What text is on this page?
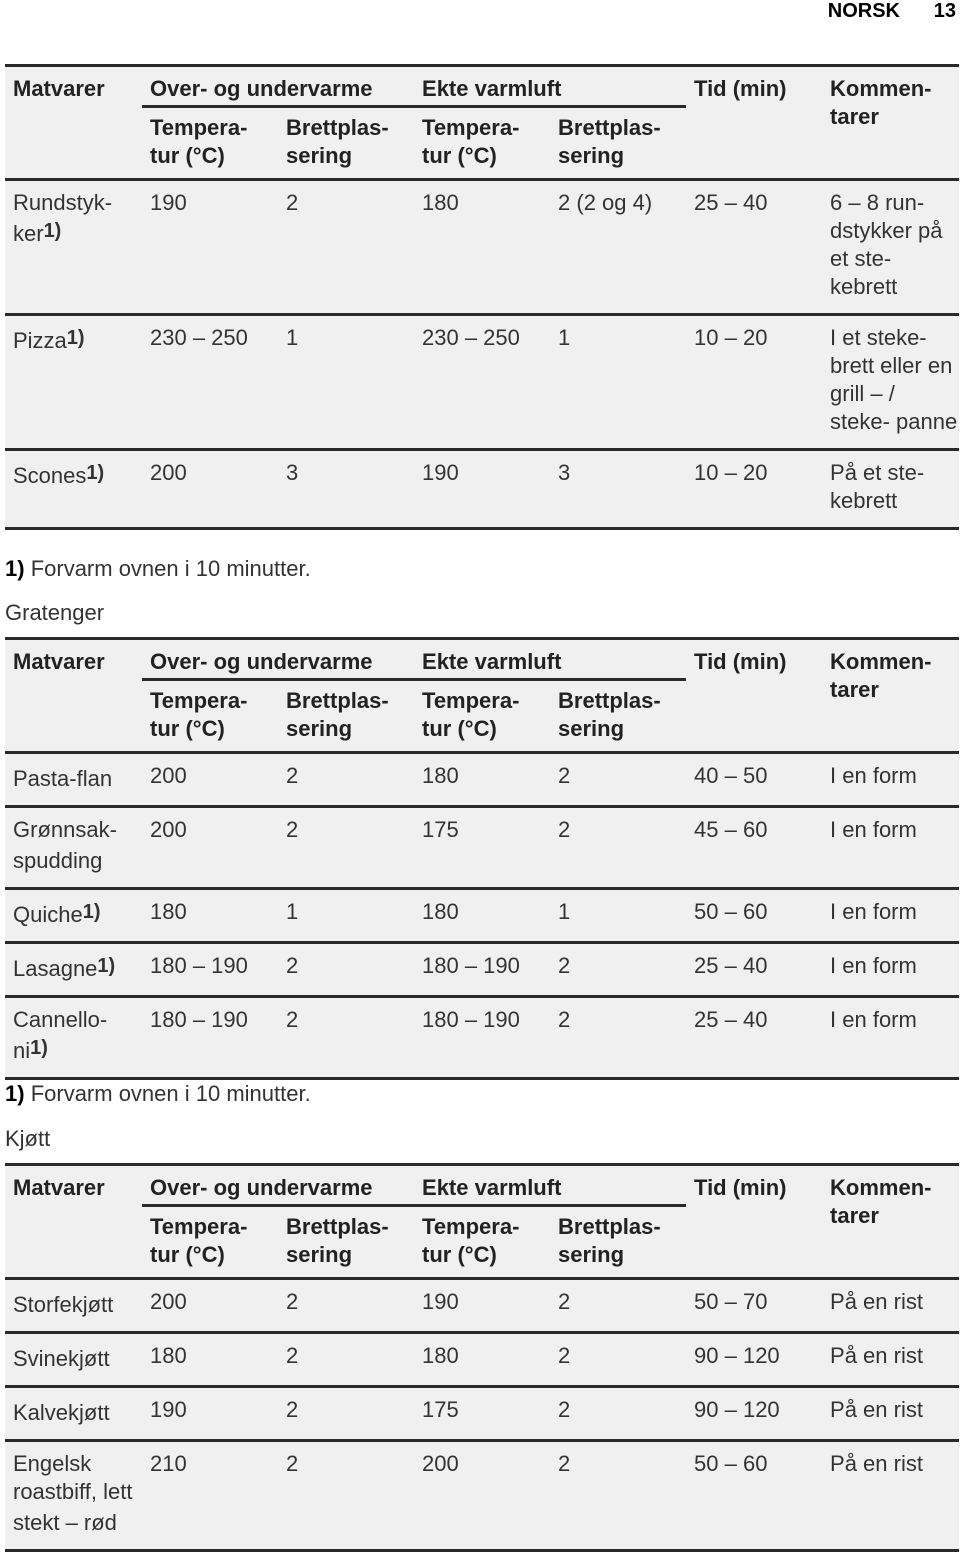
NORSK 13
Matvarer	Over- og undervarme		Ekte varmluft		Tid (min)	Kommen- tarer
	Tempera- tur (°C)	Brettplas- sering	Tempera- tur (°C)	Brettplas- sering		
Rundstyk- ker$^{1)}$	190	2	180	2 (2 og 4)	25 – 40	6 – 8 run- dstykker på et ste- kebrett
Pizza$^{1)}$	230 – 250	1	230 – 250	1	10 – 20	I et steke- brett eller en grill – / steke- panne
Scones$^{1)}$	200	3	190	3	10 – 20	På et ste- kebrett
1) Forvarm ovnen i 10 minutter.
Gratenger
Matvarer	Over- og undervarme		Ekte varmluft		Tid (min)	Kommen- tarer
	Tempera- tur (°C)	Brettplas- sering	Tempera- tur (°C)	Brettplas- sering		
Pasta-flan	200	2	180	2	40 – 50	I en form
Grønnsak- spudding	200	2	175	2	45 – 60	I en form
Quiche$^{1)}$	180	1	180	1	50 – 60	I en form
Lasagne$^{1)}$	180 – 190	2	180 – 190	2	25 – 40	I en form
Cannello- ni$^{1)}$	180 – 190	2	180 – 190	2	25 – 40	I en form
1) Forvarm ovnen i 10 minutter.
Kjøtt
Matvarer	Over- og undervarme		Ekte varmluft		Tid (min)	Kommen- tarer
	Tempera- tur (°C)	Brettplas- sering	Tempera- tur (°C)	Brettplas- sering		
Storfekjøtt	200	2	190	2	50 – 70	På en rist
Svinekjøtt	180	2	180	2	90 – 120	På en rist
Kalvekjøtt	190	2	175	2	90 – 120	På en rist
Engelsk roastbiff, lett stekt – rød	210	2	200	2	50 – 60	På en rist
